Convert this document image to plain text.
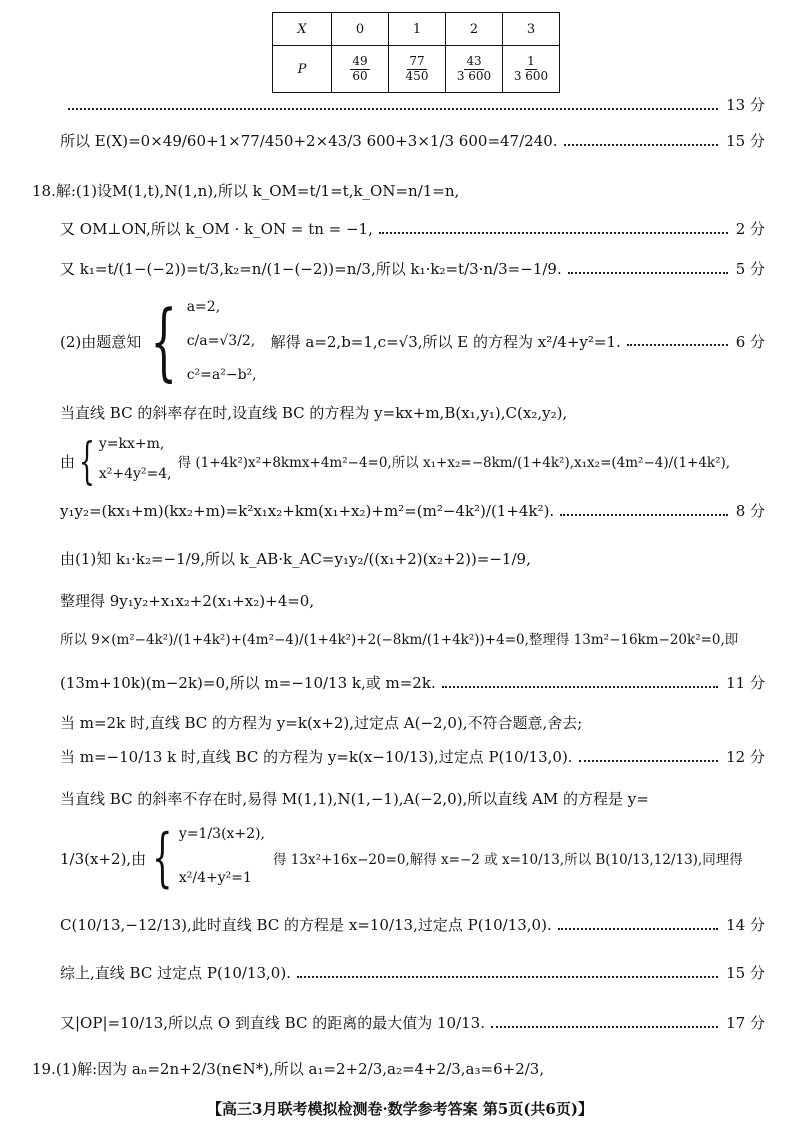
X	0	1	2	3
P	$\frac{49}{60}$	$\frac{77}{450}$	$\frac{43}{3 600}$	$\frac{1}{3 600}$
13 分
所以 E(X)=0×49/60+1×77/450+2×43/3 600+3×1/3 600=47/240.	15 分
18.解:(1)设M(1,t),N(1,n),所以 k_OM=t/1=t,k_ON=n/1=n,
又 OM⊥ON,所以 k_OM · k_ON = tn = −1,	2 分
又 k₁=t/(1−(−2))=t/3,k₂=n/(1−(−2))=n/3,所以 k₁·k₂=t/3·n/3=−1/9.	5 分
(2)由题意知 { a=2,
c/a=√3/2,
c²=a²−b²,
解得 a=2,b=1,c=√3,所以 E 的方程为 x²/4+y²=1.	6 分
当直线 BC 的斜率存在时,设直线 BC 的方程为 y=kx+m,B(x₁,y₁),C(x₂,y₂),
由 { y=kx+m,
x²+4y²=4,
得 (1+4k²)x²+8kmx+4m²−4=0,所以 x₁+x₂=−8km/(1+4k²),x₁x₂=(4m²−4)/(1+4k²),
y₁y₂=(kx₁+m)(kx₂+m)=k²x₁x₂+km(x₁+x₂)+m²=(m²−4k²)/(1+4k²).	8 分
由(1)知 k₁·k₂=−1/9,所以 k_AB·k_AC=y₁y₂/((x₁+2)(x₂+2))=−1/9,
整理得 9y₁y₂+x₁x₂+2(x₁+x₂)+4=0,
所以 9×(m²−4k²)/(1+4k²)+(4m²−4)/(1+4k²)+2(−8km/(1+4k²))+4=0,整理得 13m²−16km−20k²=0,即
(13m+10k)(m−2k)=0,所以 m=−10/13 k,或 m=2k.	11 分
当 m=2k 时,直线 BC 的方程为 y=k(x+2),过定点 A(−2,0),不符合题意,舍去;
当 m=−10/13 k 时,直线 BC 的方程为 y=k(x−10/13),过定点 P(10/13,0).	12 分
当直线 BC 的斜率不存在时,易得 M(1,1),N(1,−1),A(−2,0),所以直线 AM 的方程是 y=
1/3(x+2),由 { y=1/3(x+2),
x²/4+y²=1
得 13x²+16x−20=0,解得 x=−2 或 x=10/13,所以 B(10/13,12/13),同理得
C(10/13,−12/13),此时直线 BC 的方程是 x=10/13,过定点 P(10/13,0).	14 分
综上,直线 BC 过定点 P(10/13,0).	15 分
又|OP|=10/13,所以点 O 到直线 BC 的距离的最大值为 10/13.	17 分
19.(1)解:因为 aₙ=2n+2/3(n∈N*),所以 a₁=2+2/3,a₂=4+2/3,a₃=6+2/3,
【高三3月联考模拟检测卷·数学参考答案 第5页(共6页)】
